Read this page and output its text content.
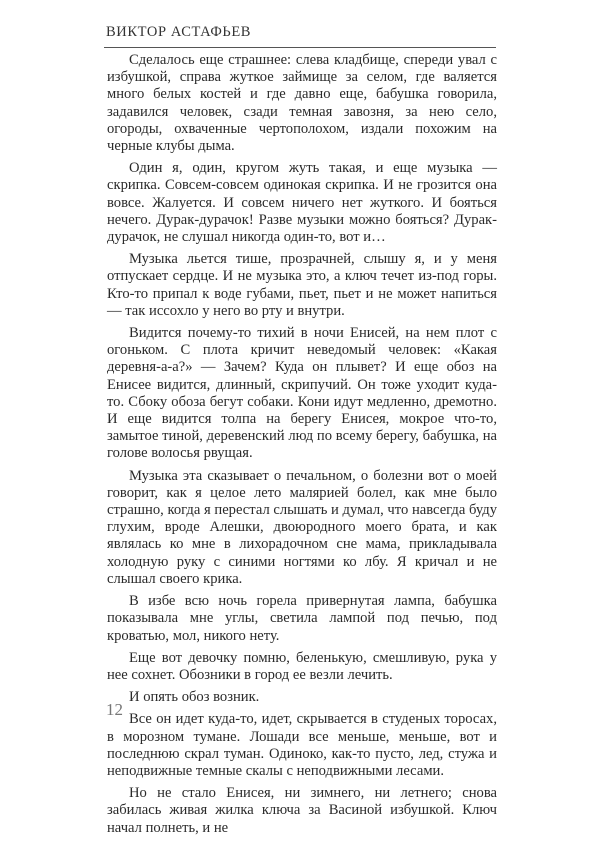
ВИКТОР АСТАФЬЕВ

Сделалось еще страшнее: слева кладбище, спереди увал с избушкой, справа жуткое займище за селом, где валяется много белых костей и где давно еще, бабушка говорила, задавился человек, сзади темная завозня, за нею село, огороды, охваченные чертополохом, издали похожим на черные клубы дыма.

Один я, один, кругом жуть такая, и еще музыка — скрипка. Совсем-совсем одинокая скрипка. И не грозится она вовсе. Жалуется. И совсем ничего нет жуткого. И бояться нечего. Дурак-дурачок! Разве музыки можно бояться? Дурак-дурачок, не слушал никогда один-то, вот и…

Музыка льется тише, прозрачней, слышу я, и у меня отпускает сердце. И не музыка это, а ключ течет из-под горы. Кто-то припал к воде губами, пьет, пьет и не может напиться — так иссохло у него во рту и внутри.

Видится почему-то тихий в ночи Енисей, на нем плот с огоньком. С плота кричит неведомый человек: «Какая деревня-а-а?» — Зачем? Куда он плывет? И еще обоз на Енисее видится, длинный, скрипучий. Он тоже уходит куда-то. Сбоку обоза бегут собаки. Кони идут медленно, дремотно. И еще видится толпа на берегу Енисея, мокрое что-то, замытое тиной, деревенский люд по всему берегу, бабушка, на голове волосья рвущая.

Музыка эта сказывает о печальном, о болезни вот о моей говорит, как я целое лето малярией болел, как мне было страшно, когда я перестал слышать и думал, что навсегда буду глухим, вроде Алешки, двоюродного моего брата, и как являлась ко мне в лихорадочном сне мама, прикладывала холодную руку с синими ногтями ко лбу. Я кричал и не слышал своего крика.

В избе всю ночь горела привернутая лампа, бабушка показывала мне углы, светила лампой под печью, под кроватью, мол, никого нету.

Еще вот девочку помню, беленькую, смешливую, рука у нее сохнет. Обозники в город ее везли лечить.

И опять обоз возник.

Все он идет куда-то, идет, скрывается в студеных торосах, в морозном тумане. Лошади все меньше, меньше, вот и последнюю скрал туман. Одиноко, как-то пусто, лед, стужа и неподвижные темные скалы с неподвижными лесами.

Но не стало Енисея, ни зимнего, ни летнего; снова забилась живая жилка ключа за Васиной избушкой. Ключ начал полнеть, и не

12
